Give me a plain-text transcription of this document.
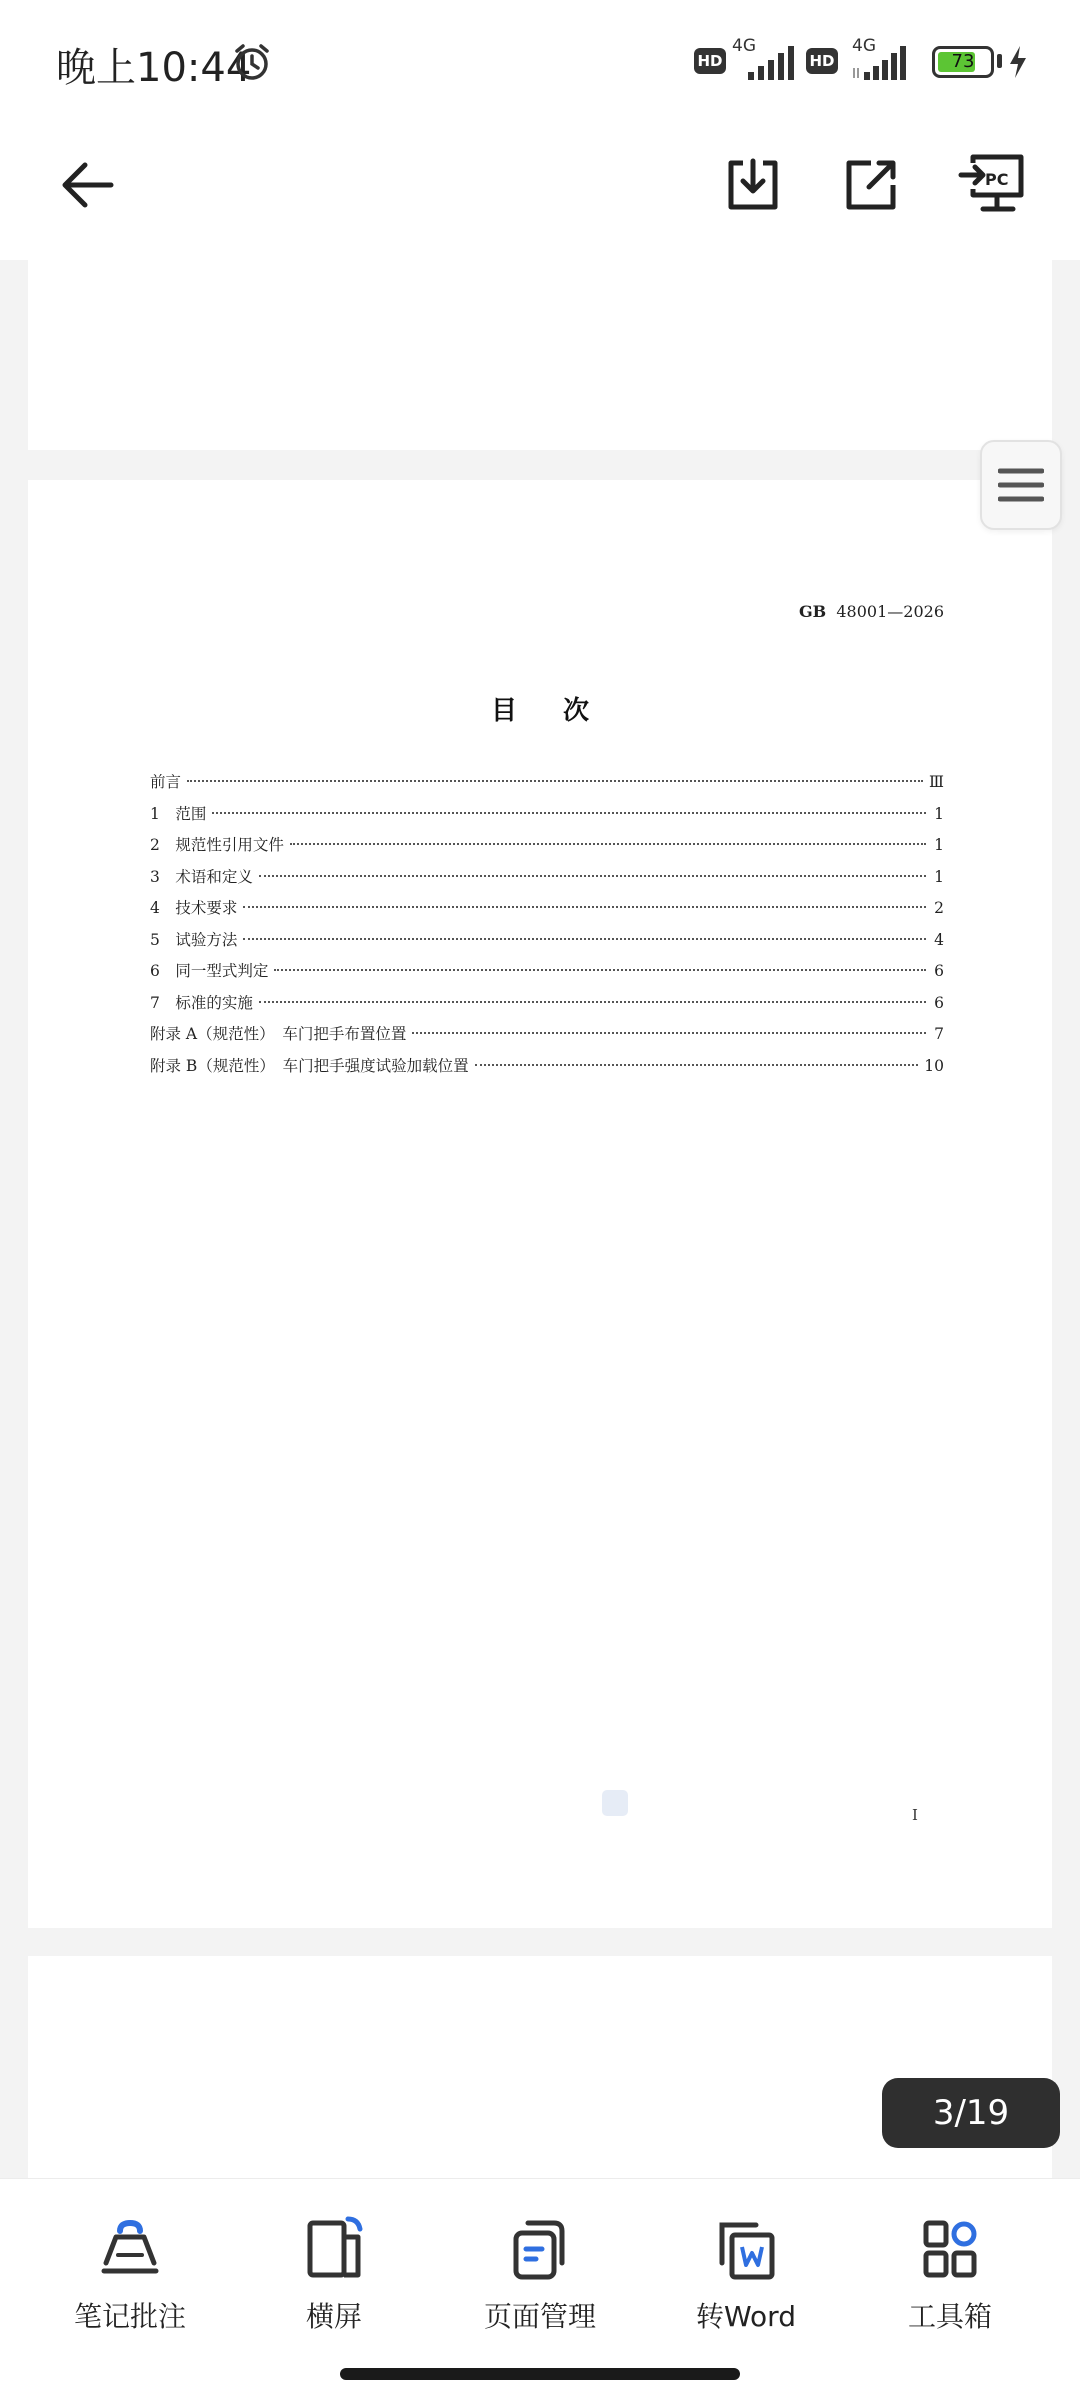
晚上10:44	HD
4G
HD
4G
73
PC
GB 48001—2026
目次
前言	Ⅲ
1　范围	1
2　规范性引用文件	1
3　术语和定义	1
4　技术要求	2
5　试验方法	4
6　同一型式判定	6
7　标准的实施	6
附录 A（规范性）　车门把手布置位置	7
附录 B（规范性）　车门把手强度试验加载位置	10
I
3/19
笔记批注	横屏	页面管理	转Word	工具箱
